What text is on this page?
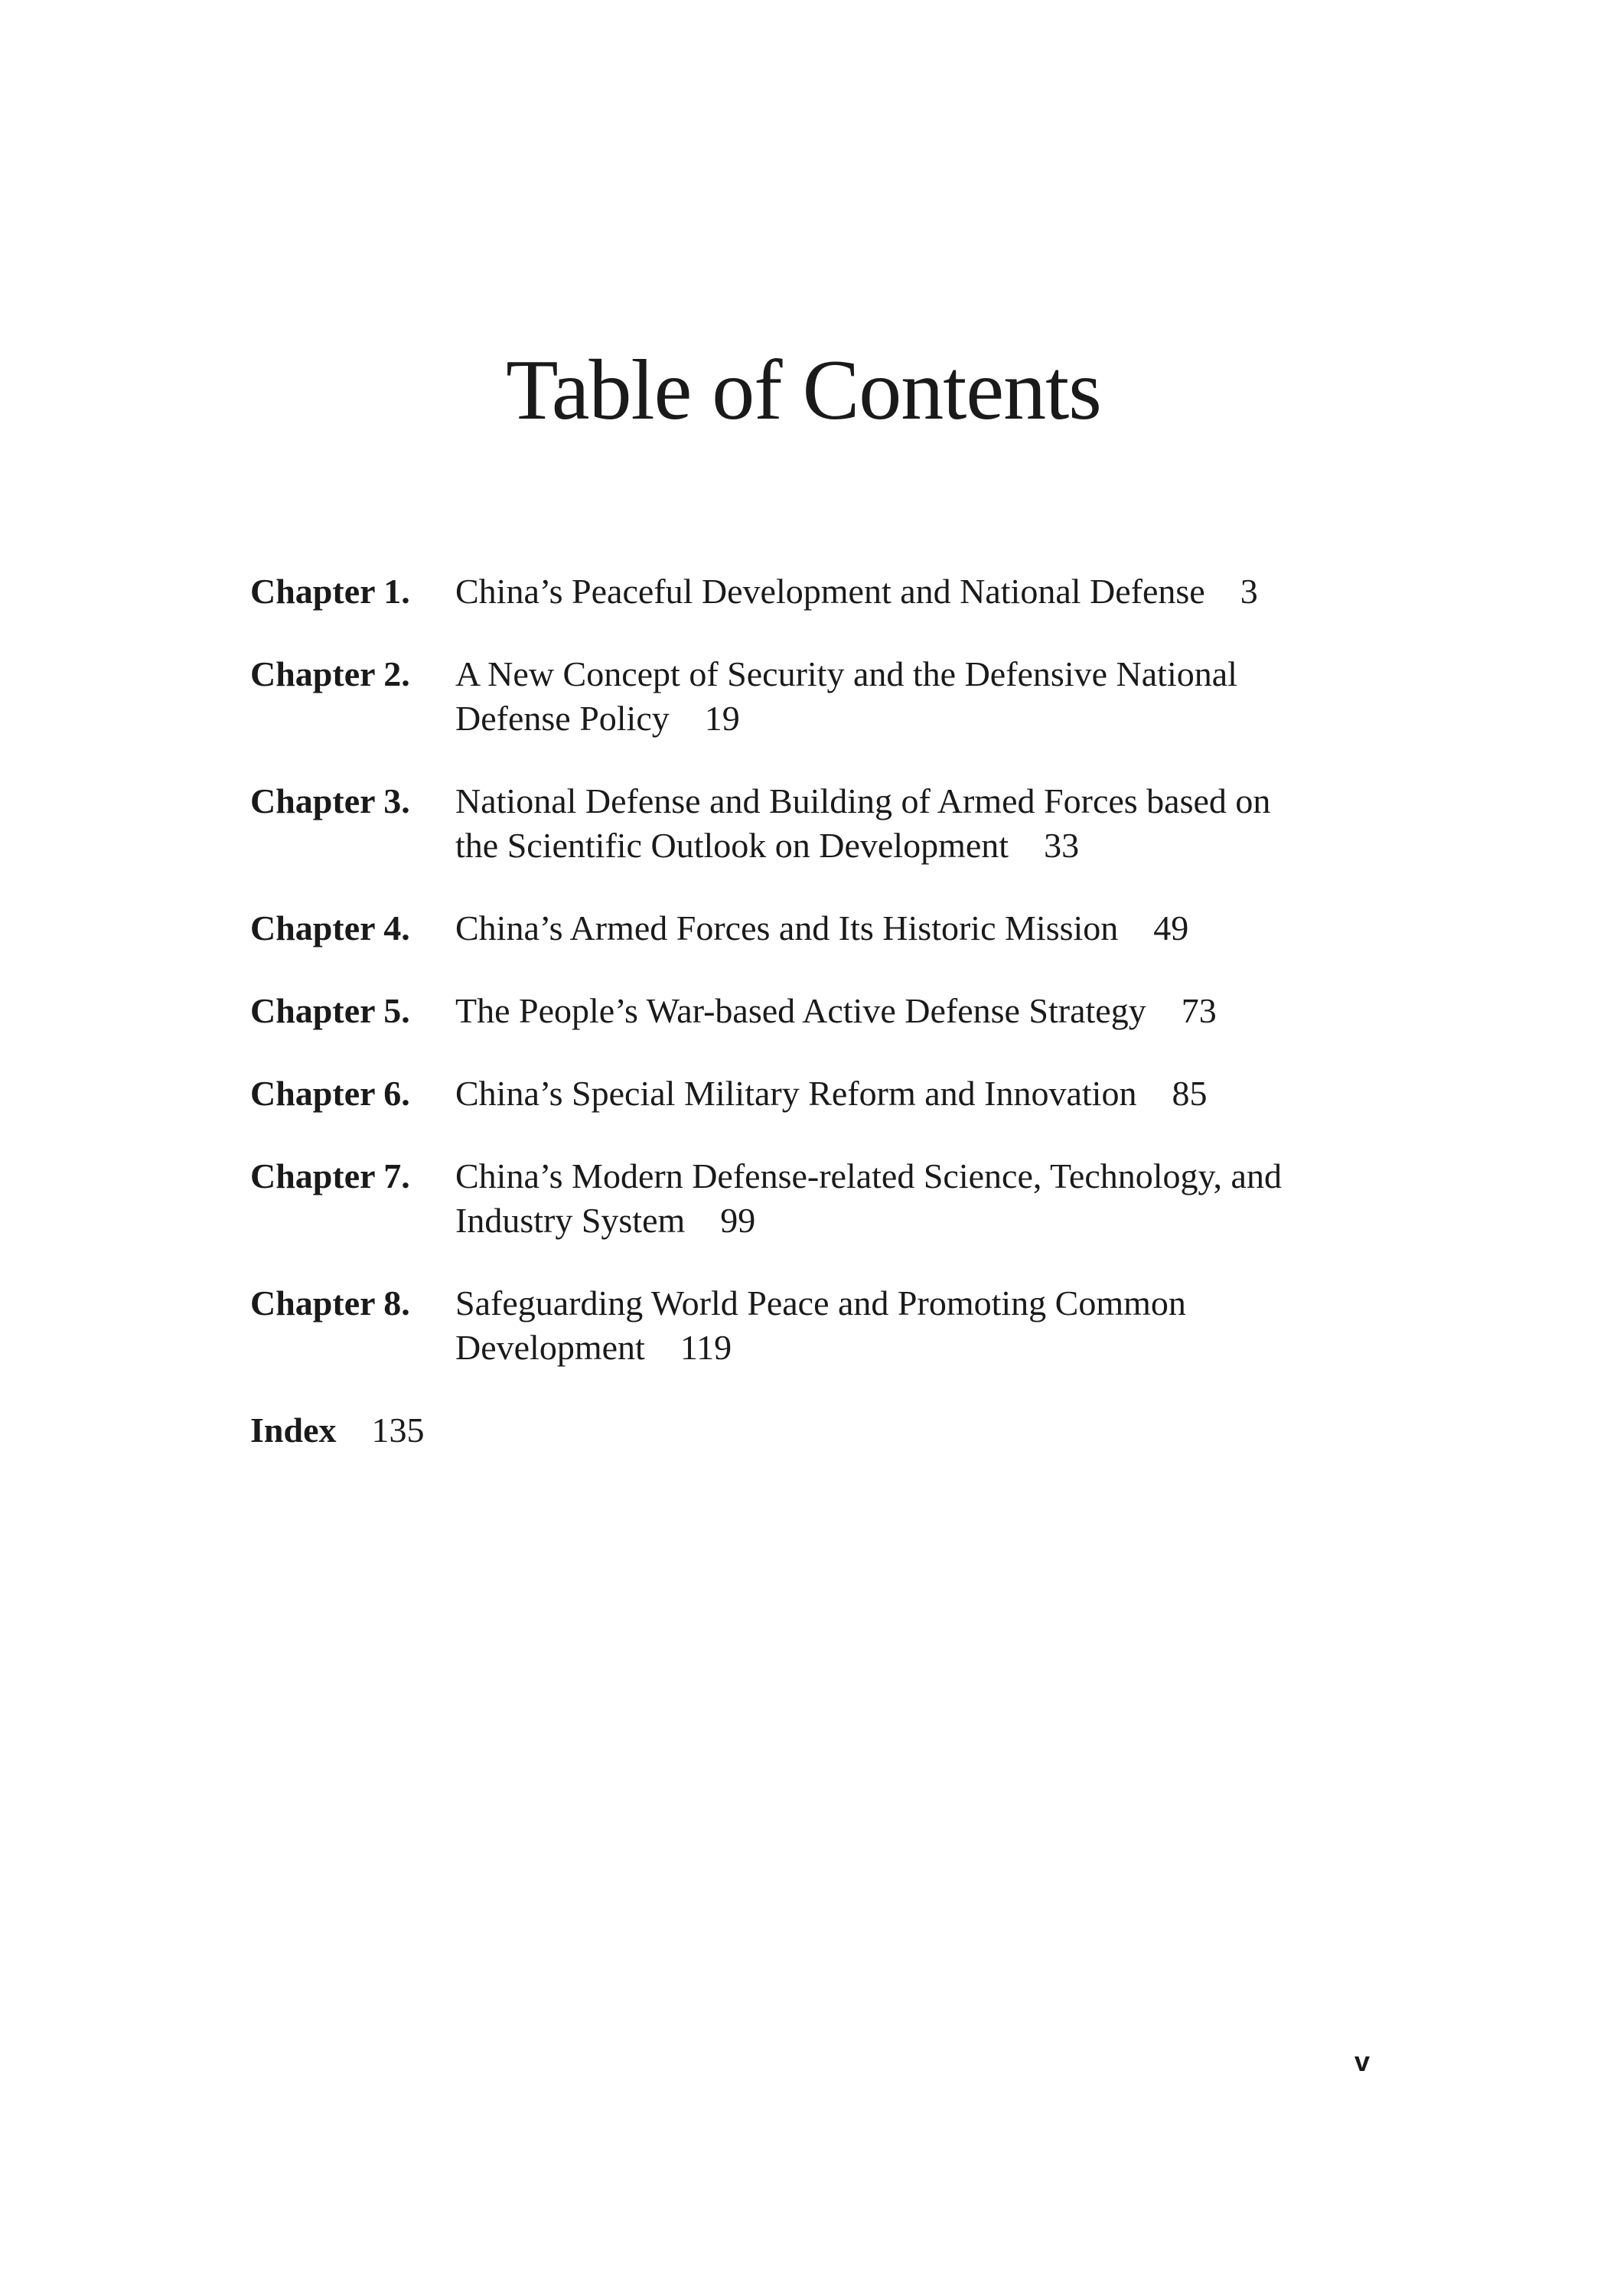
Table of Contents
Chapter 1.	China’s Peaceful Development and National Defense 3
Chapter 2.	A New Concept of Security and the Defensive National Defense Policy 19
Chapter 3.	National Defense and Building of Armed Forces based on the Scientific Outlook on Development 33
Chapter 4.	China’s Armed Forces and Its Historic Mission 49
Chapter 5.	The People’s War-based Active Defense Strategy 73
Chapter 6.	China’s Special Military Reform and Innovation 85
Chapter 7.	China’s Modern Defense-related Science, Technology, and Industry System 99
Chapter 8.	Safeguarding World Peace and Promoting Common Development 119
Index 135
v
